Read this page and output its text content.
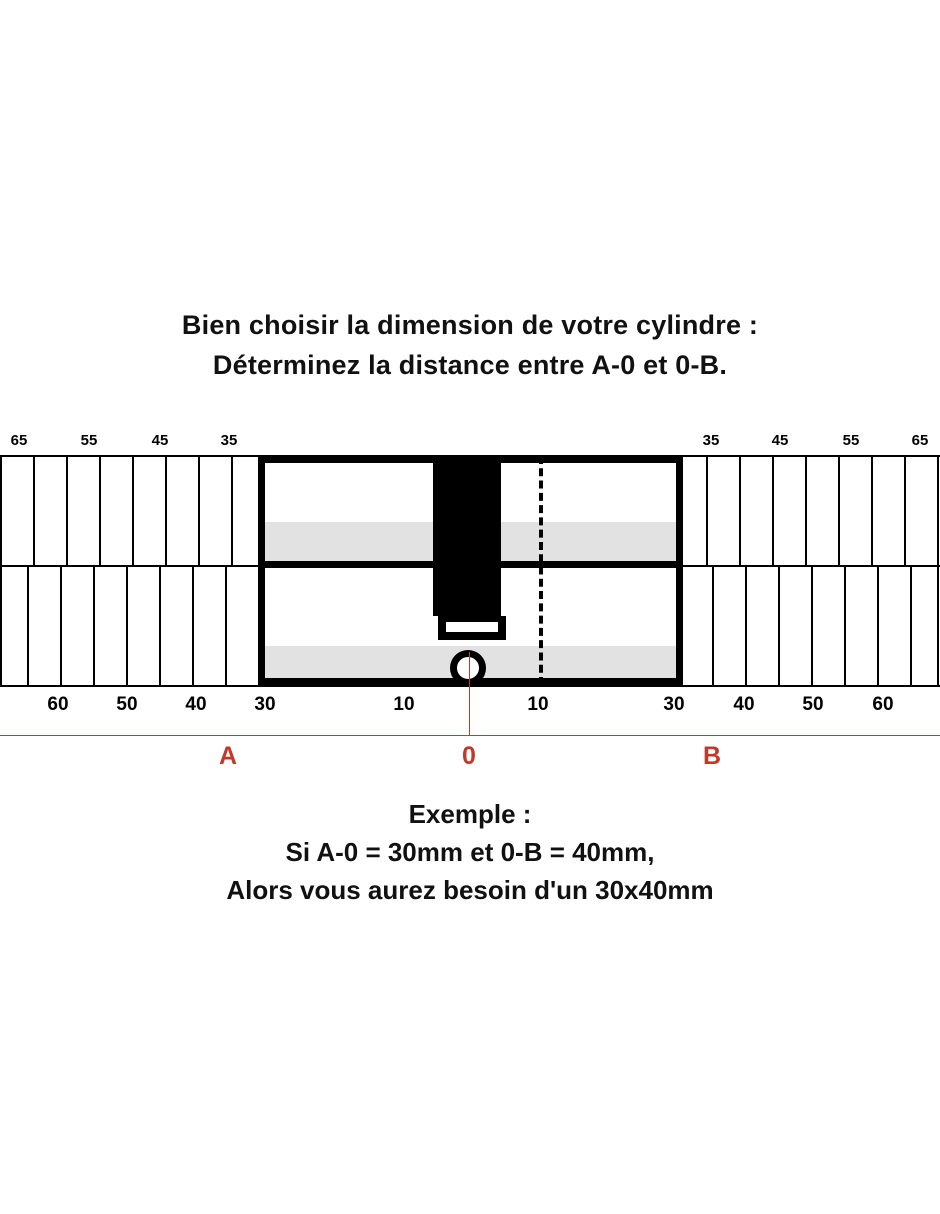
Bien choisir la dimension de votre cylindre :
Déterminez la distance entre A-0 et 0-B.
65	55	45	35	35	45	55	65
60	50	40	30	10	10	30	40	50	60
A	0	B
Exemple :
Si A-0 = 30mm et 0-B = 40mm,
Alors vous aurez besoin d'un 30x40mm
